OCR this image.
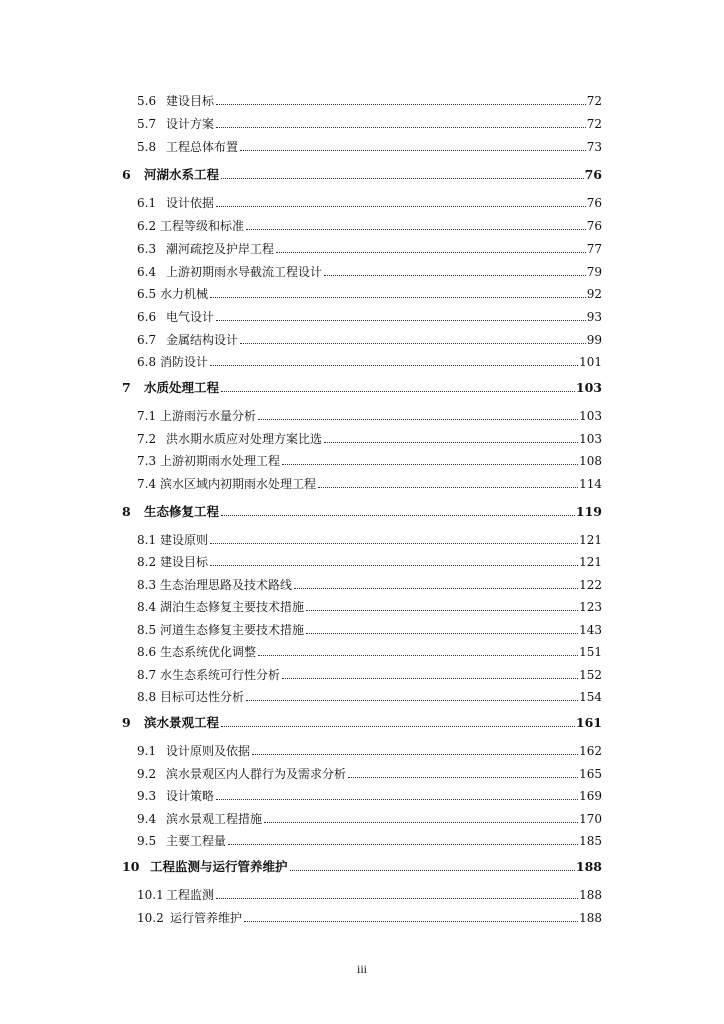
5.6 建设目标	72
5.7 设计方案	72
5.8 工程总体布置	73
6 河湖水系工程	76
6.1 设计依据	76
6.2 工程等级和标准	76
6.3 潮河疏挖及护岸工程	77
6.4 上游初期雨水导截流工程设计	79
6.5 水力机械	92
6.6 电气设计	93
6.7 金属结构设计	99
6.8 消防设计	101
7 水质处理工程	103
7.1 上游雨污水量分析	103
7.2 洪水期水质应对处理方案比选	103
7.3 上游初期雨水处理工程	108
7.4 滨水区域内初期雨水处理工程	114
8 生态修复工程	119
8.1 建设原则	121
8.2 建设目标	121
8.3 生态治理思路及技术路线	122
8.4 湖泊生态修复主要技术措施	123
8.5 河道生态修复主要技术措施	143
8.6 生态系统优化调整	151
8.7 水生态系统可行性分析	152
8.8 目标可达性分析	154
9 滨水景观工程	161
9.1 设计原则及依据	162
9.2 滨水景观区内人群行为及需求分析	165
9.3 设计策略	169
9.4 滨水景观工程措施	170
9.5 主要工程量	185
10 工程监测与运行管养维护	188
10.1 工程监测	188
10.2 运行管养维护	188
iii
